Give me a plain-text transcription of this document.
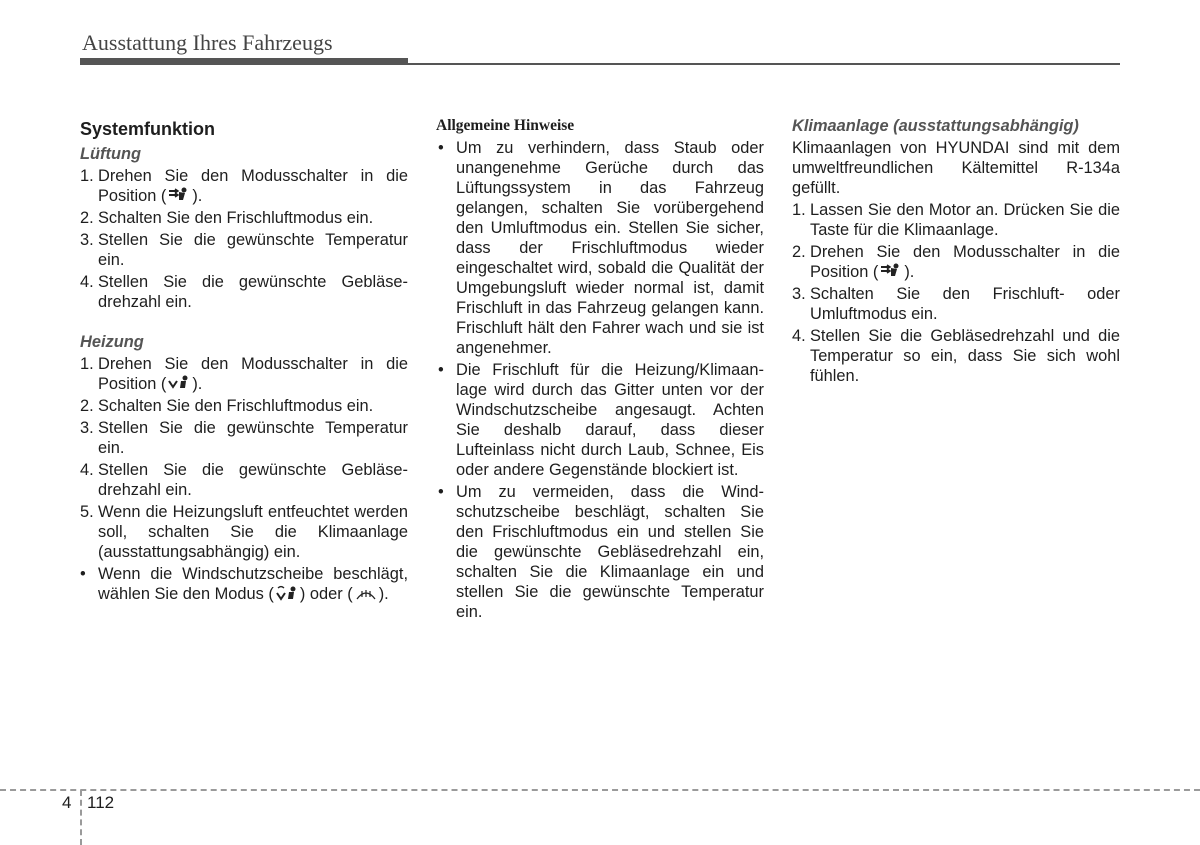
Ausstattung Ihres Fahrzeugs
Systemfunktion
Lüftung
1. Drehen Sie den Modusschalter in die Position ( ).
2. Schalten Sie den Frischluftmodus ein.
3. Stellen Sie die gewünschte Temperatur ein.
4. Stellen Sie die gewünschte Gebläse-drehzahl ein.
Heizung
1. Drehen Sie den Modusschalter in die Position ( ).
2. Schalten Sie den Frischluftmodus ein.
3. Stellen Sie die gewünschte Temperatur ein.
4. Stellen Sie die gewünschte Gebläse-drehzahl ein.
5. Wenn die Heizungsluft entfeuchtet werden soll, schalten Sie die Klimaanlage (ausstattungsabhängig) ein.
• Wenn die Windschutzscheibe beschlägt, wählen Sie den Modus ( ) oder ( ).
Allgemeine Hinweise
• Um zu verhindern, dass Staub oder unangenehme Gerüche durch das Lüftungssystem in das Fahrzeug gelangen, schalten Sie vorübergehend den Umluftmodus ein. Stellen Sie sicher, dass der Frischluftmodus wieder eingeschaltet wird, sobald die Qualität der Umgebungsluft wieder normal ist, damit Frischluft in das Fahrzeug gelangen kann. Frischluft hält den Fahrer wach und sie ist angenehmer.
• Die Frischluft für die Heizung/Klimaan-lage wird durch das Gitter unten vor der Windschutzscheibe angesaugt. Achten Sie deshalb darauf, dass dieser Lufteinlass nicht durch Laub, Schnee, Eis oder andere Gegenstände blockiert ist.
• Um zu vermeiden, dass die Wind-schutzscheibe beschlägt, schalten Sie den Frischluftmodus ein und stellen Sie die gewünschte Gebläsedrehzahl ein, schalten Sie die Klimaanlage ein und stellen Sie die gewünschte Temperatur ein.
Klimaanlage (ausstattungsabhängig)
Klimaanlagen von HYUNDAI sind mit dem umweltfreundlichen Kältemittel R-134a gefüllt.
1. Lassen Sie den Motor an. Drücken Sie die Taste für die Klimaanlage.
2. Drehen Sie den Modusschalter in die Position ( ).
3. Schalten Sie den Frischluft- oder Umluftmodus ein.
4. Stellen Sie die Gebläsedrehzahl und die Temperatur so ein, dass Sie sich wohl fühlen.
4 112
